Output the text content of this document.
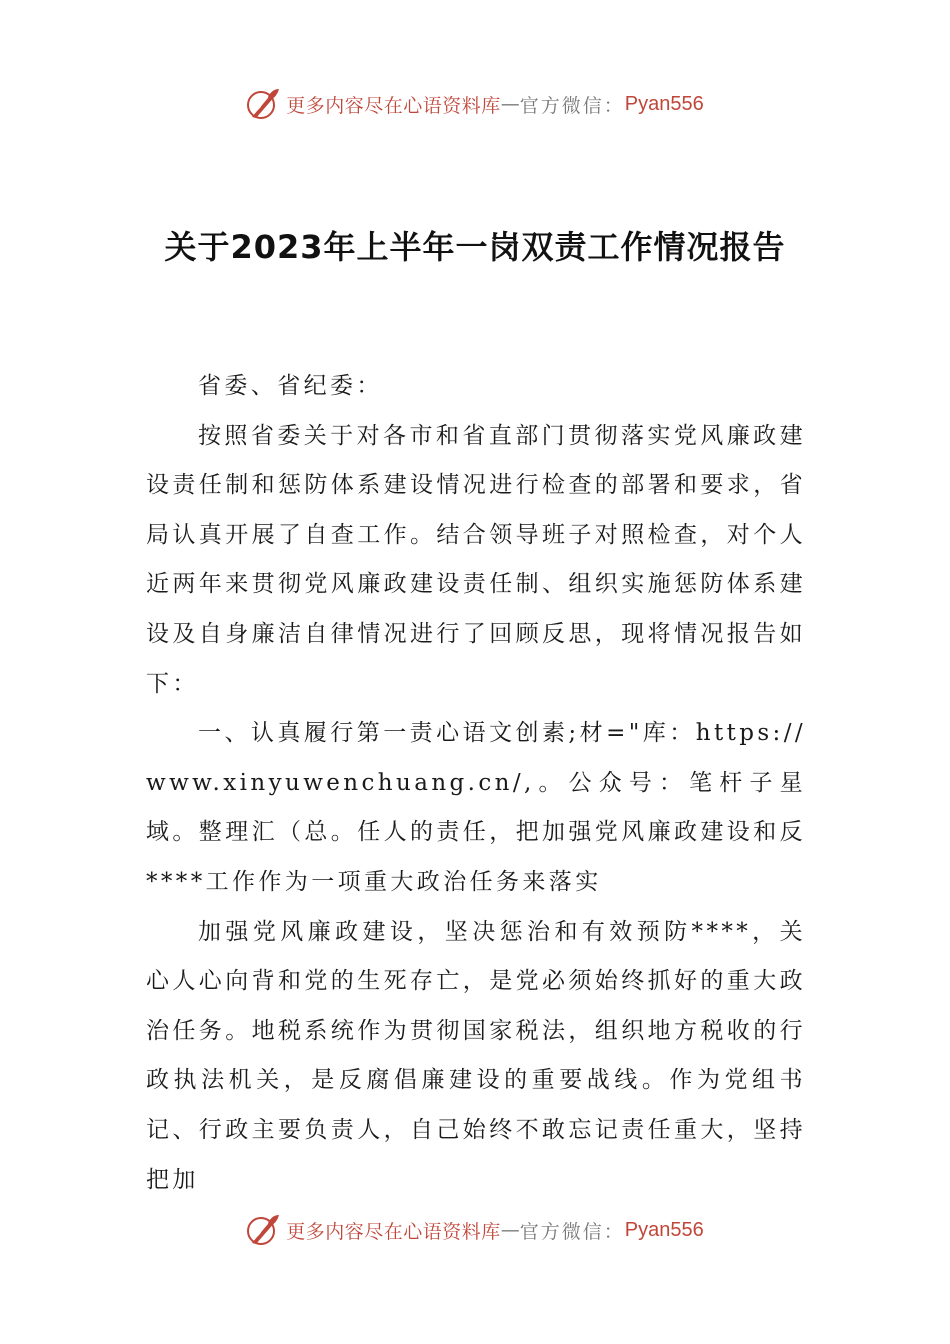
更多内容尽在心语资料库 — 官方微信： Pyan556
关于2023年上半年一岗双责工作情况报告

省委、省纪委：

按照省委关于对各市和省直部门贯彻落实党风廉政建设责任制和惩防体系建设情况进行检查的部署和要求，省局认真开展了自查工作。结合领导班子对照检查，对个人近两年来贯彻党风廉政建设责任制、组织实施惩防体系建设及自身廉洁自律情况进行了回顾反思，现将情况报告如下：

一、认真履行第一责心语文创素;材="库：https://www.xinyuwenchuang.cn/,。公众号：笔杆子星域。整理汇（总。任人的责任，把加强党风廉政建设和反****工作作为一项重大政治任务来落实

加强党风廉政建设，坚决惩治和有效预防****，关心人心向背和党的生死存亡，是党必须始终抓好的重大政治任务。地税系统作为贯彻国家税法，组织地方税收的行政执法机关，是反腐倡廉建设的重要战线。作为党组书记、行政主要负责人，自己始终不敢忘记责任重大，坚持把加

更多内容尽在心语资料库 — 官方微信： Pyan556
